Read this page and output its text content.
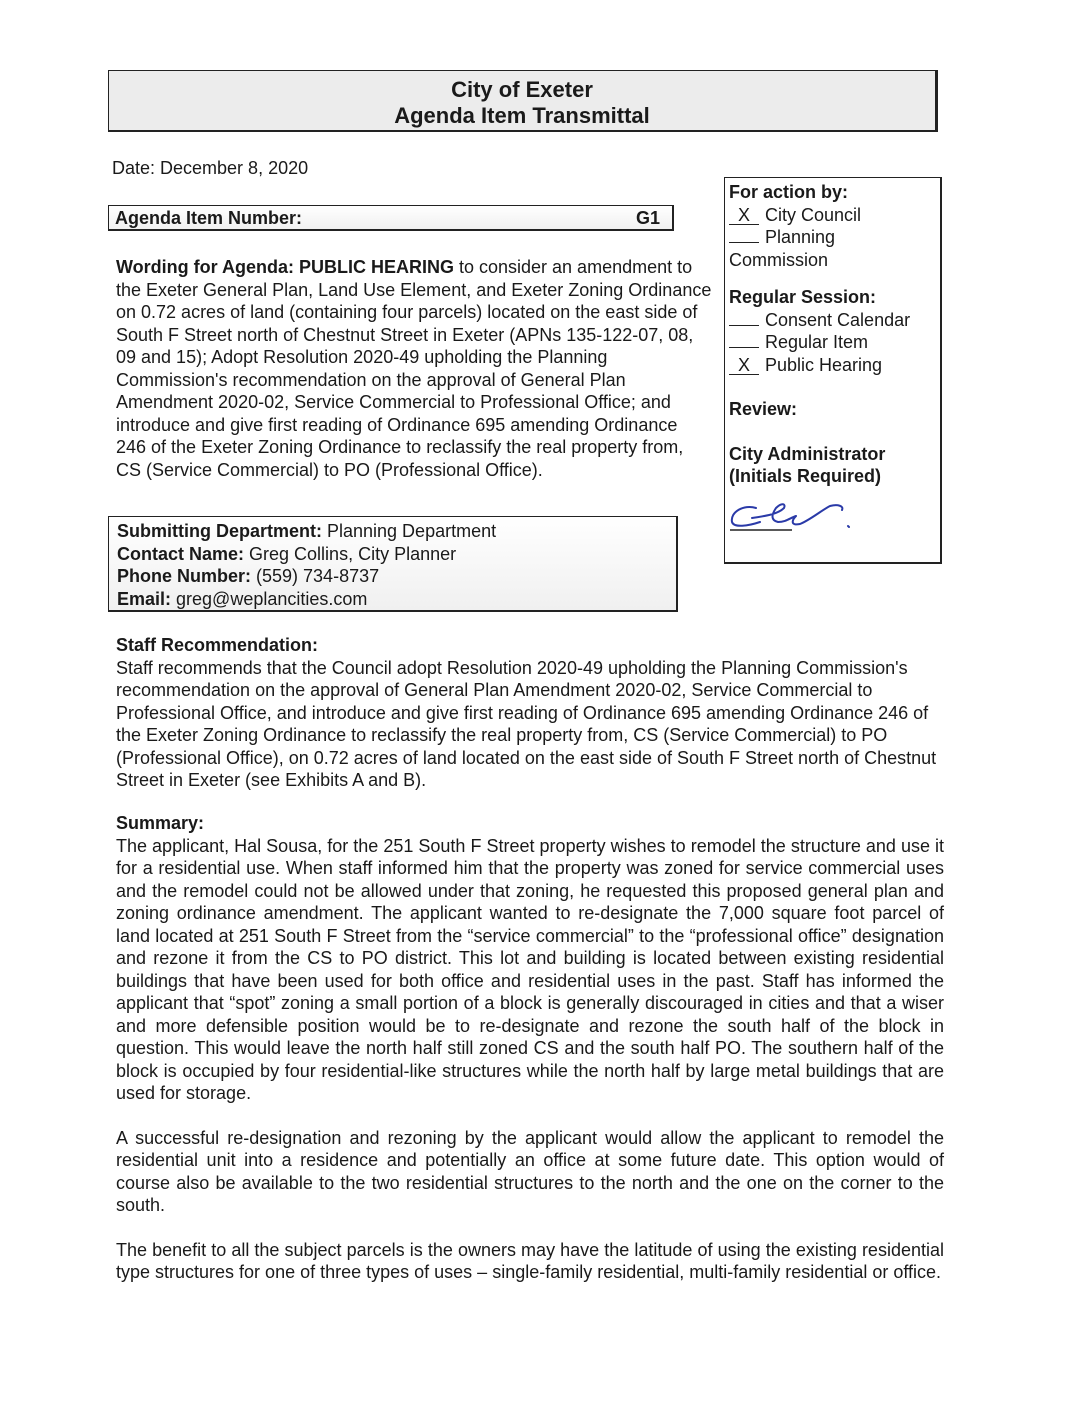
City of Exeter
Agenda Item Transmittal
Date: December 8, 2020
Agenda Item Number:	G1
Wording for Agenda: PUBLIC HEARING to consider an amendment to the Exeter General Plan, Land Use Element, and Exeter Zoning Ordinance on 0.72 acres of land (containing four parcels) located on the east side of South F Street north of Chestnut Street in Exeter (APNs 135-122-07, 08, 09 and 15); Adopt Resolution 2020-49 upholding the Planning Commission's recommendation on the approval of General Plan Amendment 2020-02, Service Commercial to Professional Office; and introduce and give first reading of Ordinance 695 amending Ordinance 246 of the Exeter Zoning Ordinance to reclassify the real property from, CS (Service Commercial) to PO (Professional Office).
Submitting Department: Planning Department
Contact Name: Greg Collins, City Planner
Phone Number: (559) 734-8737
Email: greg@weplancities.com

For action by:

X City Council

Planning

Commission

Regular Session:

Consent Calendar

Regular Item

X Public Hearing

Review:

City Administrator

(Initials Required)

Staff Recommendation:
Staff recommends that the Council adopt Resolution 2020-49 upholding the Planning Commission's recommendation on the approval of General Plan Amendment 2020-02, Service Commercial to Professional Office, and introduce and give first reading of Ordinance 695 amending Ordinance 246 of the Exeter Zoning Ordinance to reclassify the real property from, CS (Service Commercial) to PO (Professional Office), on 0.72 acres of land located on the east side of South F Street north of Chestnut Street in Exeter (see Exhibits A and B).
Summary:
The applicant, Hal Sousa, for the 251 South F Street property wishes to remodel the structure and use it for a residential use. When staff informed him that the property was zoned for service commercial uses and the remodel could not be allowed under that zoning, he requested this proposed general plan and zoning ordinance amendment. The applicant wanted to re-designate the 7,000 square foot parcel of land located at 251 South F Street from the “service commercial” to the “professional office” designation and rezone it from the CS to PO district. This lot and building is located between existing residential buildings that have been used for both office and residential uses in the past. Staff has informed the applicant that “spot” zoning a small portion of a block is generally discouraged in cities and that a wiser and more defensible position would be to re-designate and rezone the south half of the block in question. This would leave the north half still zoned CS and the south half PO. The southern half of the block is occupied by four residential-like structures while the north half by large metal buildings that are used for storage.
A successful re-designation and rezoning by the applicant would allow the applicant to remodel the residential unit into a residence and potentially an office at some future date. This option would of course also be available to the two residential structures to the north and the one on the corner to the south.
The benefit to all the subject parcels is the owners may have the latitude of using the existing residential type structures for one of three types of uses – single-family residential, multi-family residential or office.
